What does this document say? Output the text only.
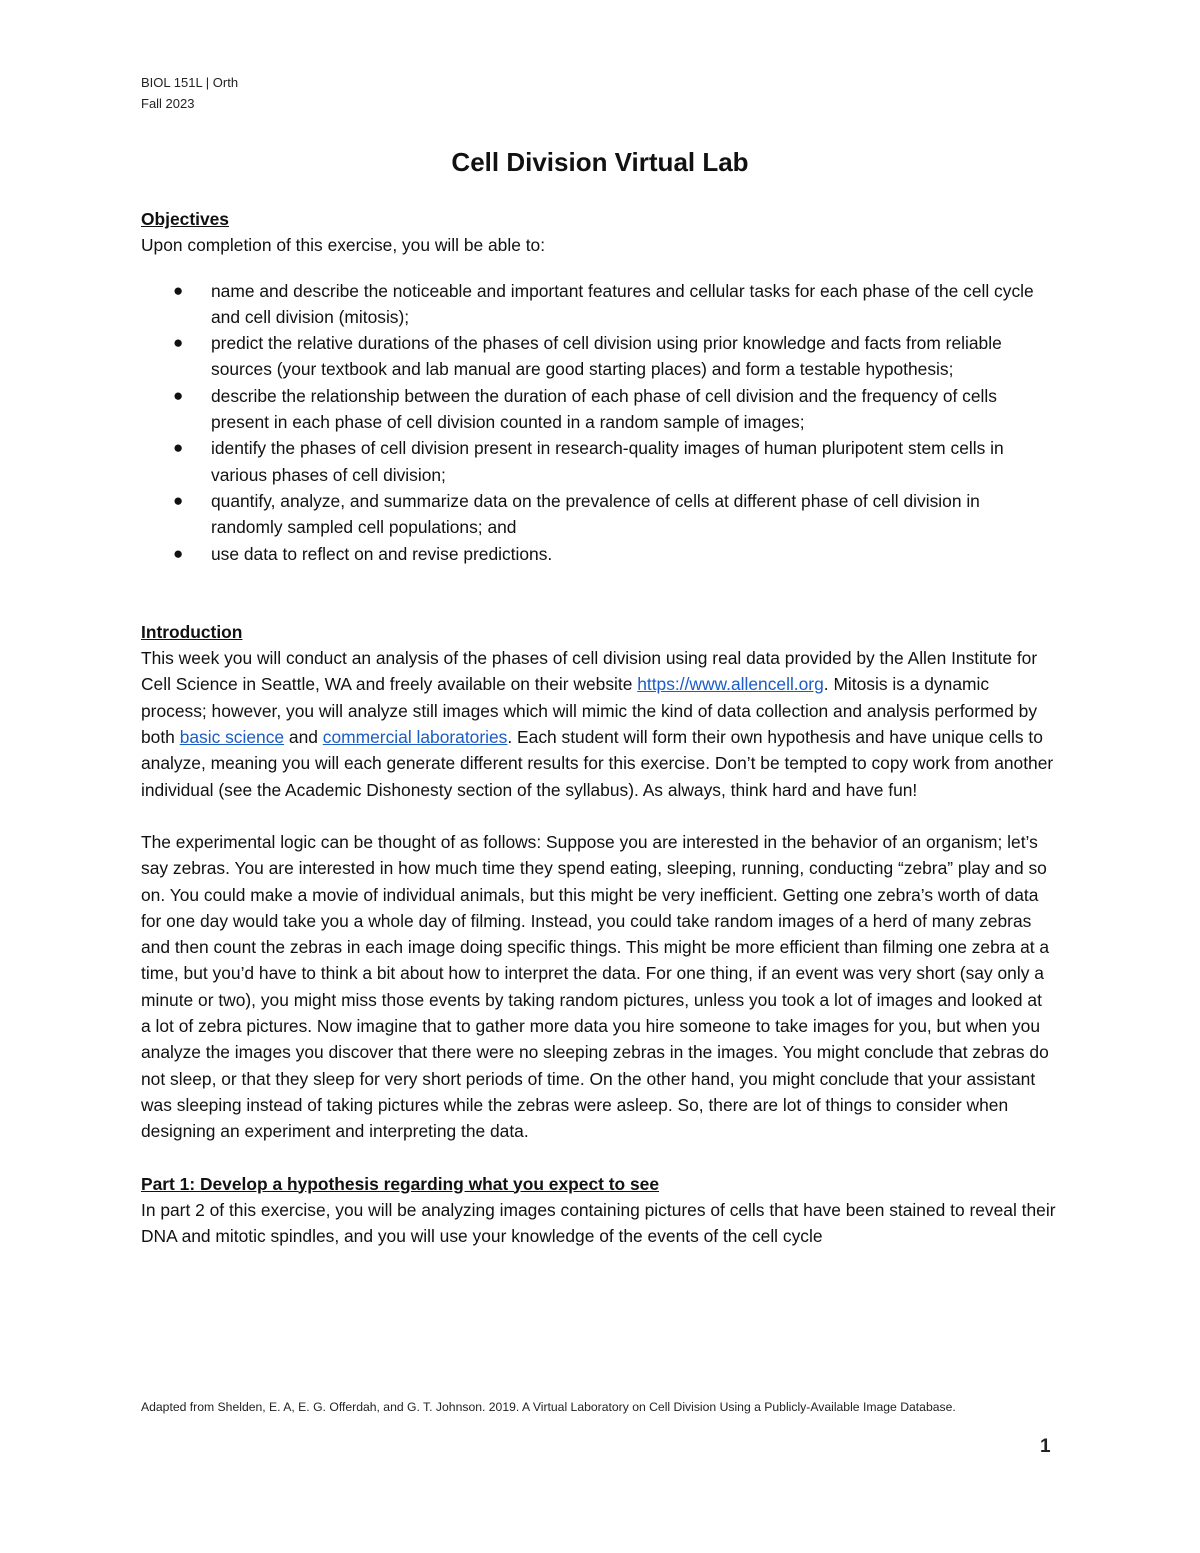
BIOL 151L | Orth
Fall 2023
Cell Division Virtual Lab

Objectives

Upon completion of this exercise, you will be able to:

● name and describe the noticeable and important features and cellular tasks for each phase of the cell cycle and cell division (mitosis);
● predict the relative durations of the phases of cell division using prior knowledge and facts from reliable sources (your textbook and lab manual are good starting places) and form a testable hypothesis;
● describe the relationship between the duration of each phase of cell division and the frequency of cells present in each phase of cell division counted in a random sample of images;
● identify the phases of cell division present in research-quality images of human pluripotent stem cells in various phases of cell division;
● quantify, analyze, and summarize data on the prevalence of cells at different phase of cell division in randomly sampled cell populations; and
● use data to reflect on and revise predictions.

Introduction

This week you will conduct an analysis of the phases of cell division using real data provided by the Allen Institute for Cell Science in Seattle, WA and freely available on their website https://www.allencell.org. Mitosis is a dynamic process; however, you will analyze still images which will mimic the kind of data collection and analysis performed by both basic science and commercial laboratories. Each student will form their own hypothesis and have unique cells to analyze, meaning you will each generate different results for this exercise. Don’t be tempted to copy work from another individual (see the Academic Dishonesty section of the syllabus). As always, think hard and have fun!

The experimental logic can be thought of as follows: Suppose you are interested in the behavior of an organism; let’s say zebras. You are interested in how much time they spend eating, sleeping, running, conducting “zebra” play and so on. You could make a movie of individual animals, but this might be very inefficient. Getting one zebra’s worth of data for one day would take you a whole day of filming. Instead, you could take random images of a herd of many zebras and then count the zebras in each image doing specific things. This might be more efficient than filming one zebra at a time, but you’d have to think a bit about how to interpret the data. For one thing, if an event was very short (say only a minute or two), you might miss those events by taking random pictures, unless you took a lot of images and looked at a lot of zebra pictures. Now imagine that to gather more data you hire someone to take images for you, but when you analyze the images you discover that there were no sleeping zebras in the images. You might conclude that zebras do not sleep, or that they sleep for very short periods of time. On the other hand, you might conclude that your assistant was sleeping instead of taking pictures while the zebras were asleep. So, there are lot of things to consider when designing an experiment and interpreting the data.

Part 1: Develop a hypothesis regarding what you expect to see

In part 2 of this exercise, you will be analyzing images containing pictures of cells that have been stained to reveal their DNA and mitotic spindles, and you will use your knowledge of the events of the cell cycle

Adapted from Shelden, E. A, E. G. Offerdah, and G. T. Johnson. 2019. A Virtual Laboratory on Cell Division Using a Publicly-Available Image Database.
1
